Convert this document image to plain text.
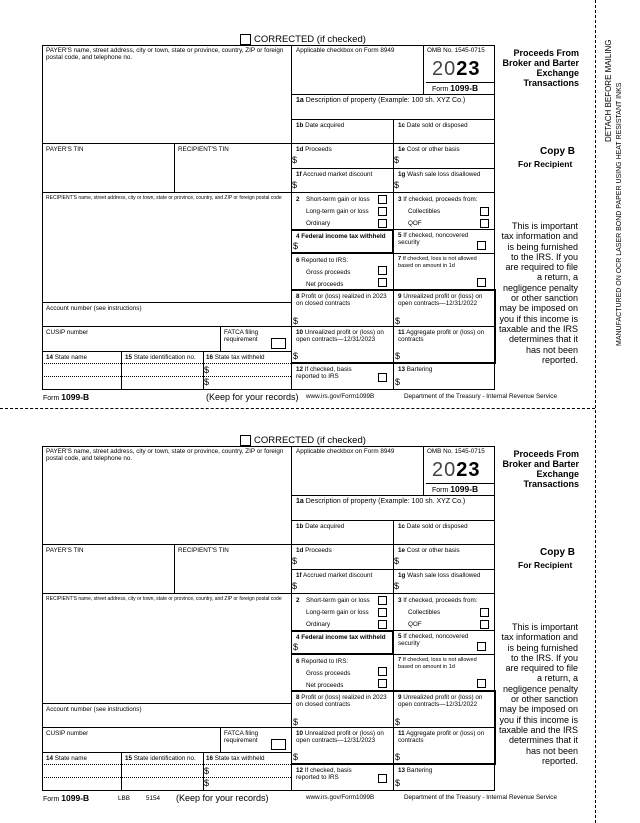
DETACH BEFORE MAILING MANUFACTURED ON OCR LASER BOND PAPER USING HEAT RESISTANT INKS
CORRECTED (if checked)
PAYER'S name, street address, city or town, state or province, country, ZIP or foreign postal code, and telephone no.
Applicable checkbox on Form 8949	OMB No. 1545-0715
2023
Form 1099-B
Proceeds From Broker and Barter Exchange Transactions
1a Description of property (Example: 100 sh. XYZ Co.)
1b Date acquired	1c Date sold or disposed
PAYER'S TIN	RECIPIENT'S TIN	1d Proceeds
$
1e Cost or other basis
$
1f Accrued market discount
$
1g Wash sale loss disallowed
$
RECIPIENT'S name, street address, city or town, state or province, country, and ZIP or foreign postal code	2 Short-term gain or loss
Long-term gain or loss
Ordinary
3 If checked, proceeds from:
Collectibles
QOF
4 Federal income tax withheld
$
5 If checked, noncovered security
6 Reported to IRS:
Gross proceeds
Net proceeds
7 If checked, loss is not allowed based on amount in 1d
8 Profit or (loss) realized in 2023 on closed contracts
$
9 Unrealized profit or (loss) on open contracts—12/31/2022
$
Account number (see instructions)
CUSIP number	FATCA filing requirement
10 Unrealized profit or (loss) on open contracts—12/31/2023
$
11 Aggregate profit or (loss) on contracts
$
14 State name	15 State identification no. 16 State tax withheld
$
$
12 If checked, basis reported to IRS
13 Bartering
$
Copy B
For Recipient
This is important tax information and is being furnished to the IRS. If you are required to file a return, a negligence penalty or other sanction may be imposed on you if this income is taxable and the IRS determines that it has not been reported.
Form 1099-B	(Keep for your records) www.irs.gov/Form1099B	Department of the Treasury - Internal Revenue Service
CORRECTED (if checked)
PAYER'S name, street address, city or town, state or province, country, ZIP or foreign postal code, and telephone no.
Applicable checkbox on Form 8949	OMB No. 1545-0715
2023
Form 1099-B
Proceeds From Broker and Barter Exchange Transactions
1a Description of property (Example: 100 sh. XYZ Co.)
1b Date acquired	1c Date sold or disposed
PAYER'S TIN	RECIPIENT'S TIN	1d Proceeds
$
1e Cost or other basis
$
1f Accrued market discount
$
1g Wash sale loss disallowed
$
RECIPIENT'S name, street address, city or town, state or province, country, and ZIP or foreign postal code	2 Short-term gain or loss
Long-term gain or loss
Ordinary
3 If checked, proceeds from:
Collectibles
QOF
4 Federal income tax withheld
$
5 If checked, noncovered security
6 Reported to IRS:
Gross proceeds
Net proceeds
7 If checked, loss is not allowed based on amount in 1d
8 Profit or (loss) realized in 2023 on closed contracts
$
9 Unrealized profit or (loss) on open contracts—12/31/2022
$
Account number (see instructions)
CUSIP number	FATCA filing requirement
10 Unrealized profit or (loss) on open contracts—12/31/2023
$
11 Aggregate profit or (loss) on contracts
$
14 State name	15 State identification no. 16 State tax withheld
$
$
12 If checked, basis reported to IRS
13 Bartering
$
Copy B
For Recipient
This is important tax information and is being furnished to the IRS. If you are required to file a return, a negligence penalty or other sanction may be imposed on you if this income is taxable and the IRS determines that it has not been reported.
Form 1099-B	LBB	5154 (Keep for your records)	www.irs.gov/Form1099B	Department of the Treasury - Internal Revenue Service
